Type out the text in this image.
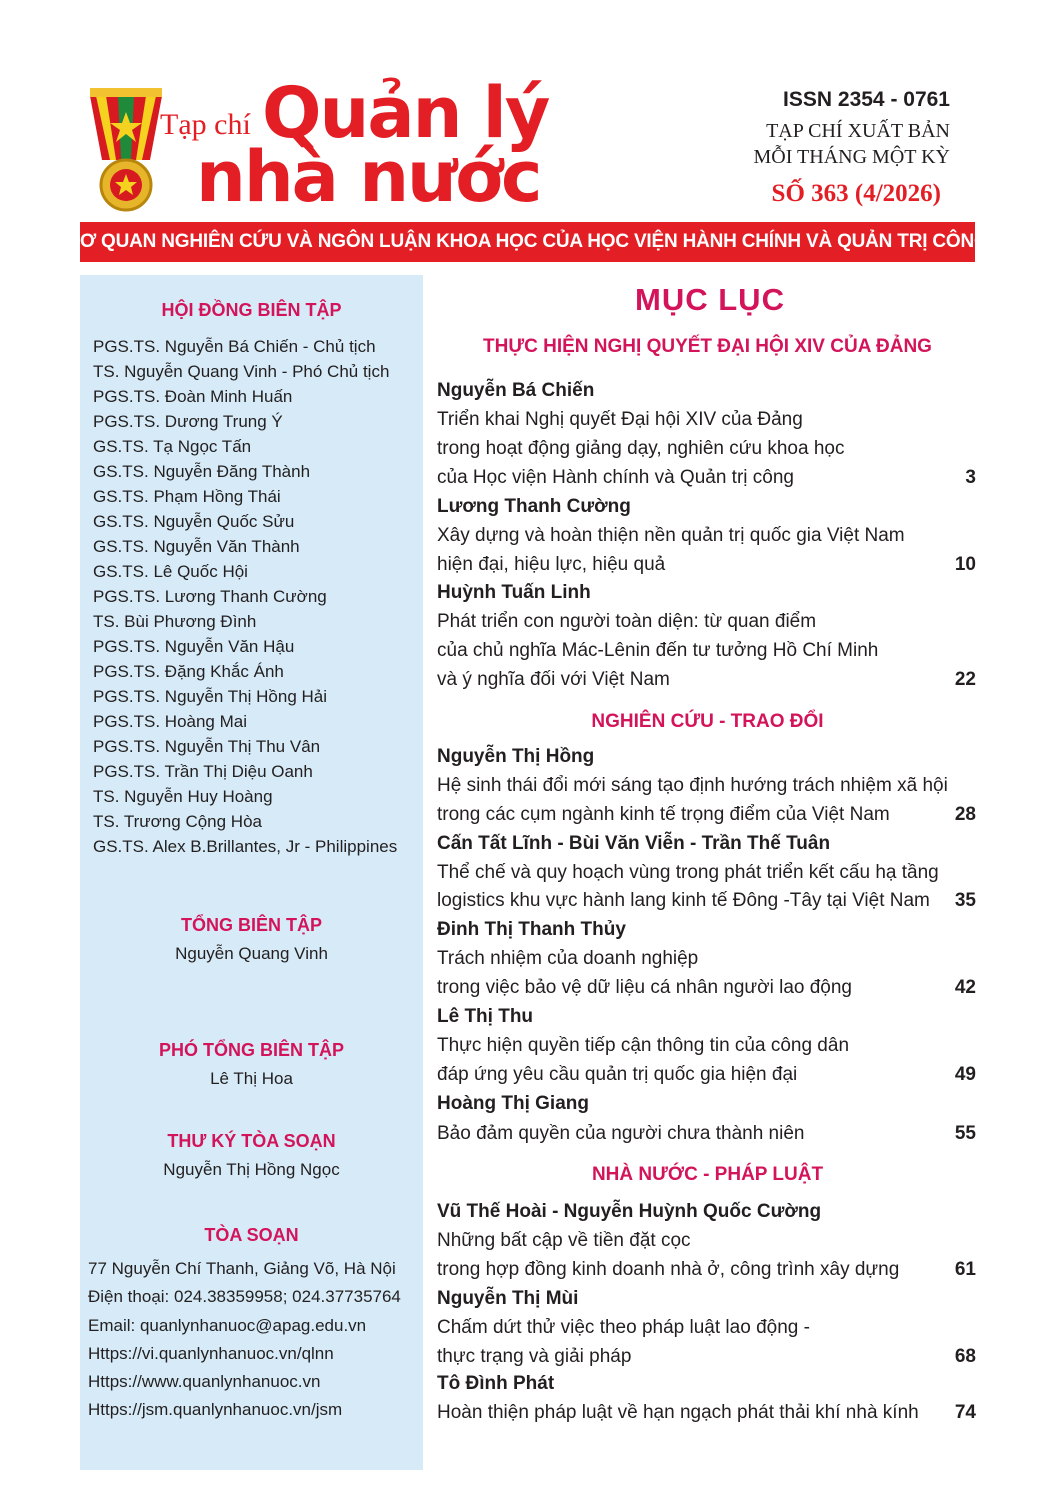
Tạp chí Quản lý
nhà nước
ISSN 2354 - 0761
TẠP CHÍ XUẤT BẢN
MỖI THÁNG MỘT KỲ
SỐ 363 (4/2026)
CƠ QUAN NGHIÊN CỨU VÀ NGÔN LUẬN KHOA HỌC CỦA HỌC VIỆN HÀNH CHÍNH VÀ QUẢN TRỊ CÔNG
HỘI ĐỒNG BIÊN TẬP
PGS.TS. Nguyễn Bá Chiến - Chủ tịch
TS. Nguyễn Quang Vinh - Phó Chủ tịch
PGS.TS. Đoàn Minh Huấn
PGS.TS. Dương Trung Ý
GS.TS. Tạ Ngọc Tấn
GS.TS. Nguyễn Đăng Thành
GS.TS. Phạm Hồng Thái
GS.TS. Nguyễn Quốc Sửu
GS.TS. Nguyễn Văn Thành
GS.TS. Lê Quốc Hội
PGS.TS. Lương Thanh Cường
TS. Bùi Phương Đình
PGS.TS. Nguyễn Văn Hậu
PGS.TS. Đặng Khắc Ánh
PGS.TS. Nguyễn Thị Hồng Hải
PGS.TS. Hoàng Mai
PGS.TS. Nguyễn Thị Thu Vân
PGS.TS. Trần Thị Diệu Oanh
TS. Nguyễn Huy Hoàng
TS. Trương Cộng Hòa
GS.TS. Alex B.Brillantes, Jr - Philippines
TỔNG BIÊN TẬP
Nguyễn Quang Vinh
PHÓ TỔNG BIÊN TẬP
Lê Thị Hoa
THƯ KÝ TÒA SOẠN
Nguyễn Thị Hồng Ngọc
TÒA SOẠN
77 Nguyễn Chí Thanh, Giảng Võ, Hà Nội
Điện thoại: 024.38359958; 024.37735764
Email: quanlynhanuoc@apag.edu.vn
Https://vi.quanlynhanuoc.vn/qlnn
Https://www.quanlynhanuoc.vn
Https://jsm.quanlynhanuoc.vn/jsm
MỤC LỤC
THỰC HIỆN NGHỊ QUYẾT ĐẠI HỘI XIV CỦA ĐẢNG
Nguyễn Bá Chiến
Triển khai Nghị quyết Đại hội XIV của Đảng
trong hoạt động giảng dạy, nghiên cứu khoa học
của Học viện Hành chính và Quản trị công	3
Lương Thanh Cường
Xây dựng và hoàn thiện nền quản trị quốc gia Việt Nam
hiện đại, hiệu lực, hiệu quả	10
Huỳnh Tuấn Linh
Phát triển con người toàn diện: từ quan điểm
của chủ nghĩa Mác-Lênin đến tư tưởng Hồ Chí Minh
và ý nghĩa đối với Việt Nam	22
NGHIÊN CỨU - TRAO ĐỔI
Nguyễn Thị Hồng
Hệ sinh thái đổi mới sáng tạo định hướng trách nhiệm xã hội
trong các cụm ngành kinh tế trọng điểm của Việt Nam	28
Cấn Tất Lĩnh - Bùi Văn Viễn - Trần Thế Tuân
Thể chế và quy hoạch vùng trong phát triển kết cấu hạ tầng
logistics khu vực hành lang kinh tế Đông -Tây tại Việt Nam 35
Đinh Thị Thanh Thủy
Trách nhiệm của doanh nghiệp
trong việc bảo vệ dữ liệu cá nhân người lao động	42
Lê Thị Thu
Thực hiện quyền tiếp cận thông tin của công dân
đáp ứng yêu cầu quản trị quốc gia hiện đại	49
Hoàng Thị Giang
Bảo đảm quyền của người chưa thành niên	55
NHÀ NƯỚC - PHÁP LUẬT
Vũ Thế Hoài - Nguyễn Huỳnh Quốc Cường
Những bất cập về tiền đặt cọc
trong hợp đồng kinh doanh nhà ở, công trình xây dựng	61
Nguyễn Thị Mùi
Chấm dứt thử việc theo pháp luật lao động -
thực trạng và giải pháp	68
Tô Đình Phát
Hoàn thiện pháp luật về hạn ngạch phát thải khí nhà kính 74
